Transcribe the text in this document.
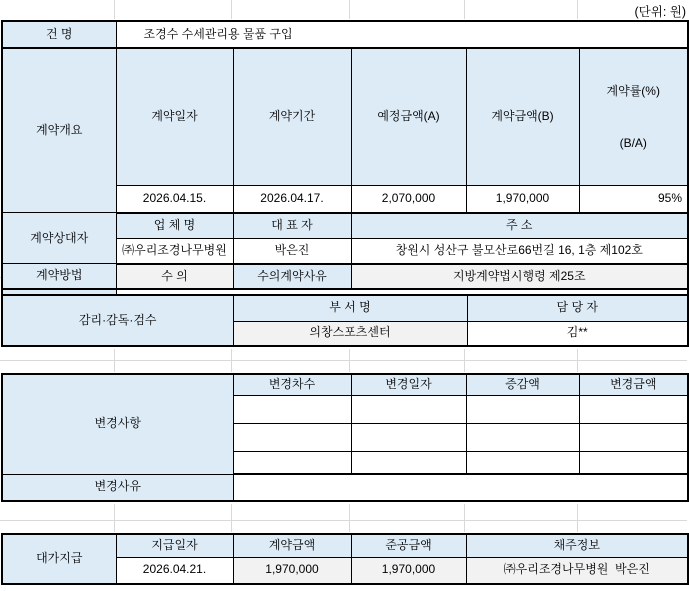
(단위: 원)
건 명	조경수 수세관리용 물품 구입				
계약개요	계약일자	계약기간	예정금액(A)	계약금액(B)	계약률(%)

(B/A)

	2026.04.15.	2026.04.17.	2,070,000	1,970,000	95%
계약상대자	업 체 명	대 표 자	주 소		
	㈜우리조경나무병원	박은진	창원시 성산구 불모산로66번길 16, 1층 제102호		
계약방법	수 의	수의계약사유	지방계약법시행령 제25조		

감리·감독·검수	부 서 명	담 당 자
	의창스포츠센터	김**
변경사항	변경차수	변경일자	증감액	변경금액

변경사유				
대가지급	지급일자	계약금액	준공금액	채주정보
	2026.04.21.	1,970,000	1,970,000	㈜우리조경나무병원  박은진
